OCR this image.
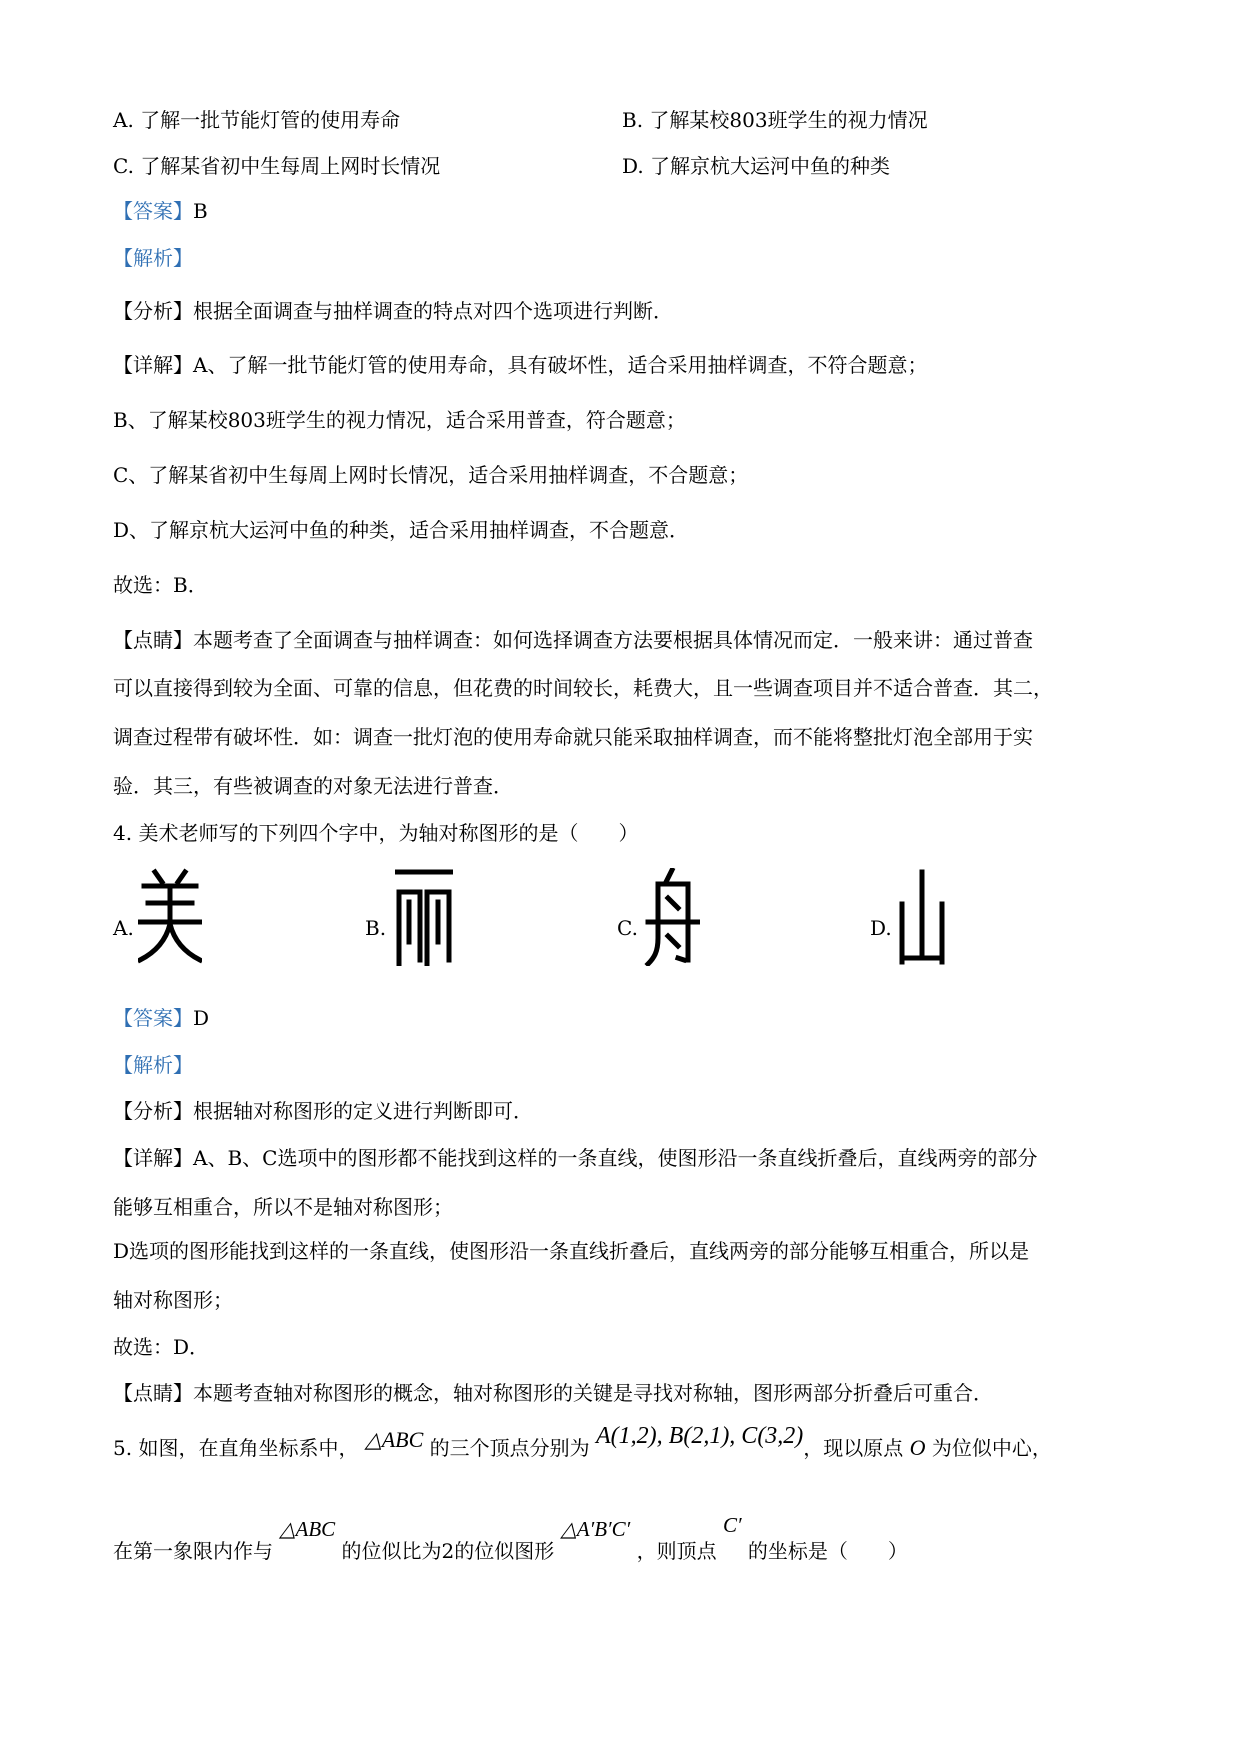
A. 了解一批节能灯管的使用寿命	B. 了解某校803班学生的视力情况
C. 了解某省初中生每周上网时长情况	D. 了解京杭大运河中鱼的种类
【答案】B
【解析】
【分析】根据全面调查与抽样调查的特点对四个选项进行判断．
【详解】A、了解一批节能灯管的使用寿命，具有破坏性，适合采用抽样调查，不符合题意；
B、了解某校803班学生的视力情况，适合采用普查，符合题意；
C、了解某省初中生每周上网时长情况，适合采用抽样调查，不合题意；
D、了解京杭大运河中鱼的种类，适合采用抽样调查，不合题意．
故选：B．
【点睛】本题考查了全面调查与抽样调查：如何选择调查方法要根据具体情况而定．一般来讲：通过普查
可以直接得到较为全面、可靠的信息，但花费的时间较长，耗费大，且一些调查项目并不适合普查．其二，
调查过程带有破坏性．如：调查一批灯泡的使用寿命就只能采取抽样调查，而不能将整批灯泡全部用于实
验．其三，有些被调查的对象无法进行普查．
4. 美术老师写的下列四个字中，为轴对称图形的是（　　）
A.	B.	C.	D.
【答案】D
【解析】
【分析】根据轴对称图形的定义进行判断即可．
【详解】A、B、C选项中的图形都不能找到这样的一条直线，使图形沿一条直线折叠后，直线两旁的部分
能够互相重合，所以不是轴对称图形；
D选项的图形能找到这样的一条直线，使图形沿一条直线折叠后，直线两旁的部分能够互相重合，所以是
轴对称图形；
故选：D．
【点睛】本题考查轴对称图形的概念，轴对称图形的关键是寻找对称轴，图形两部分折叠后可重合．
5. 如图，在直角坐标系中， △ABC 的三个顶点分别为 A(1,2), B(2,1), C(3,2)，现以原点 O 为位似中心，
在第一象限内作与 △ABC 的位似比为2的位似图形 △A′B′C′ ，则顶点 C′ 的坐标是（　　）
